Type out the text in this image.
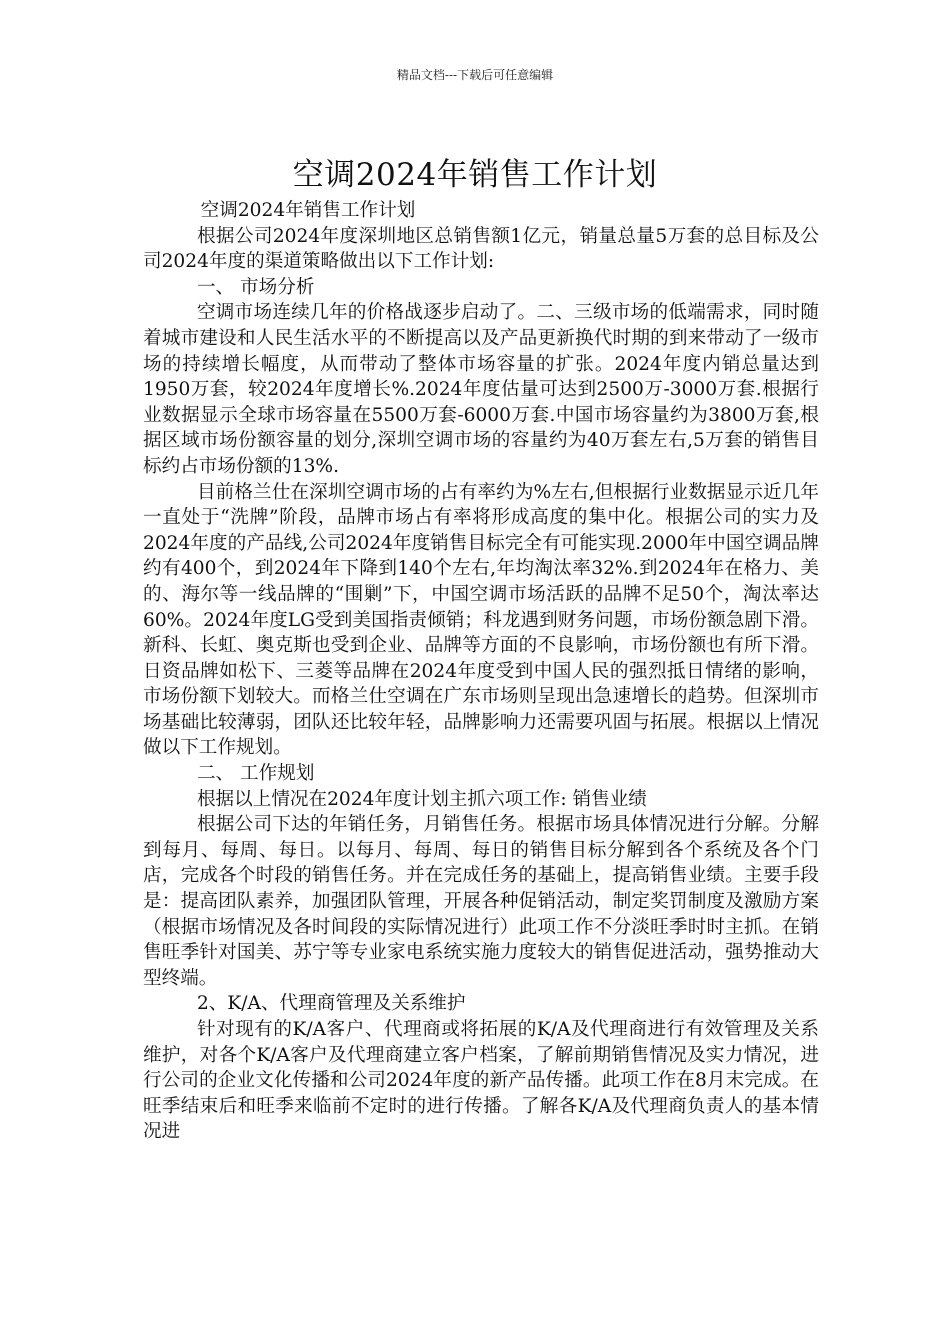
精品文档---下载后可任意编辑
空调2024年销售工作计划

空调2024年销售工作计划

根据公司2024年度深圳地区总销售额1亿元，销量总量5万套的总目标及公司2024年度的渠道策略做出以下工作计划:

一、 市场分析

空调市场连续几年的价格战逐步启动了。二、三级市场的低端需求，同时随着城市建设和人民生活水平的不断提高以及产品更新换代时期的到来带动了一级市场的持续增长幅度，从而带动了整体市场容量的扩张。2024年度内销总量达到1950万套，较2024年度增长%.2024年度估量可达到2500万-3000万套.根据行业数据显示全球市场容量在5500万套-6000万套.中国市场容量约为3800万套,根据区域市场份额容量的划分,深圳空调市场的容量约为40万套左右,5万套的销售目标约占市场份额的13%.

目前格兰仕在深圳空调市场的占有率约为%左右,但根据行业数据显示近几年一直处于“洗牌”阶段，品牌市场占有率将形成高度的集中化。根据公司的实力及2024年度的产品线,公司2024年度销售目标完全有可能实现.2000年中国空调品牌约有400个，到2024年下降到140个左右,年均淘汰率32%.到2024年在格力、美的、海尔等一线品牌的“围剿”下，中国空调市场活跃的品牌不足50个，淘汰率达60%。2024年度LG受到美国指责倾销；科龙遇到财务问题，市场份额急剧下滑。新科、长虹、奥克斯也受到企业、品牌等方面的不良影响，市场份额也有所下滑。日资品牌如松下、三菱等品牌在2024年度受到中国人民的强烈抵日情绪的影响，市场份额下划较大。而格兰仕空调在广东市场则呈现出急速增长的趋势。但深圳市场基础比较薄弱，团队还比较年轻，品牌影响力还需要巩固与拓展。根据以上情况做以下工作规划。

二、 工作规划

根据以上情况在2024年度计划主抓六项工作: 销售业绩

根据公司下达的年销任务，月销售任务。根据市场具体情况进行分解。分解到每月、每周、每日。以每月、每周、每日的销售目标分解到各个系统及各个门店，完成各个时段的销售任务。并在完成任务的基础上，提高销售业绩。主要手段是：提高团队素养，加强团队管理，开展各种促销活动，制定奖罚制度及激励方案（根据市场情况及各时间段的实际情况进行）此项工作不分淡旺季时时主抓。在销售旺季针对国美、苏宁等专业家电系统实施力度较大的销售促进活动，强势推动大型终端。

2、K/A、代理商管理及关系维护

针对现有的K/A客户、代理商或将拓展的K/A及代理商进行有效管理及关系维护，对各个K/A客户及代理商建立客户档案，了解前期销售情况及实力情况，进行公司的企业文化传播和公司2024年度的新产品传播。此项工作在8月末完成。在旺季结束后和旺季来临前不定时的进行传播。了解各K/A及代理商负责人的基本情况进
